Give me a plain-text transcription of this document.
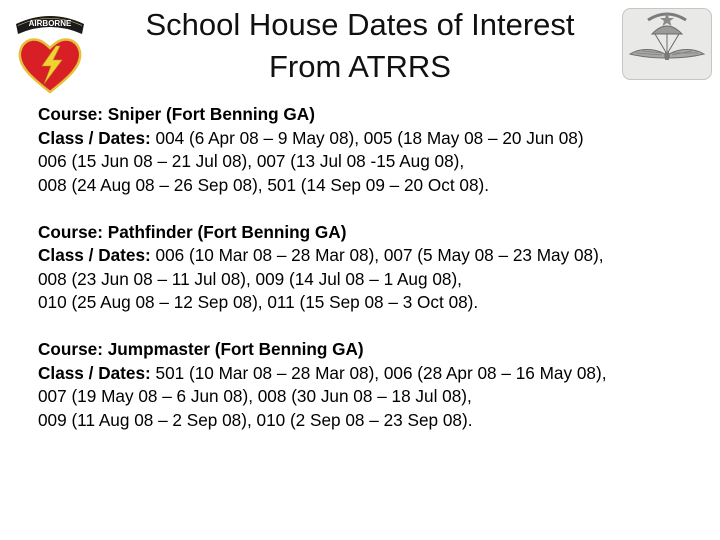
AIRBORNE	School House Dates of Interest
From ATRRS
Course: Sniper (Fort Benning GA)
Class / Dates: 004 (6 Apr 08 – 9 May 08), 005 (18 May 08 – 20 Jun 08)
006 (15 Jun 08 – 21 Jul 08), 007 (13 Jul 08 -15 Aug 08),
008 (24 Aug 08 – 26 Sep 08), 501 (14 Sep 09 – 20 Oct 08).
Course: Pathfinder (Fort Benning GA)
Class / Dates: 006 (10 Mar 08 – 28 Mar 08), 007 (5 May 08 – 23 May 08),
008 (23 Jun 08 – 11 Jul 08), 009 (14 Jul 08 – 1 Aug 08),
010 (25 Aug 08 – 12 Sep 08), 011 (15 Sep 08 – 3 Oct 08).
Course: Jumpmaster (Fort Benning GA)
Class / Dates: 501 (10 Mar 08 – 28 Mar 08), 006 (28 Apr 08 – 16 May 08),
007 (19 May 08 – 6 Jun 08), 008 (30 Jun 08 – 18 Jul 08),
009 (11 Aug 08 – 2 Sep 08), 010 (2 Sep 08 – 23 Sep 08).
